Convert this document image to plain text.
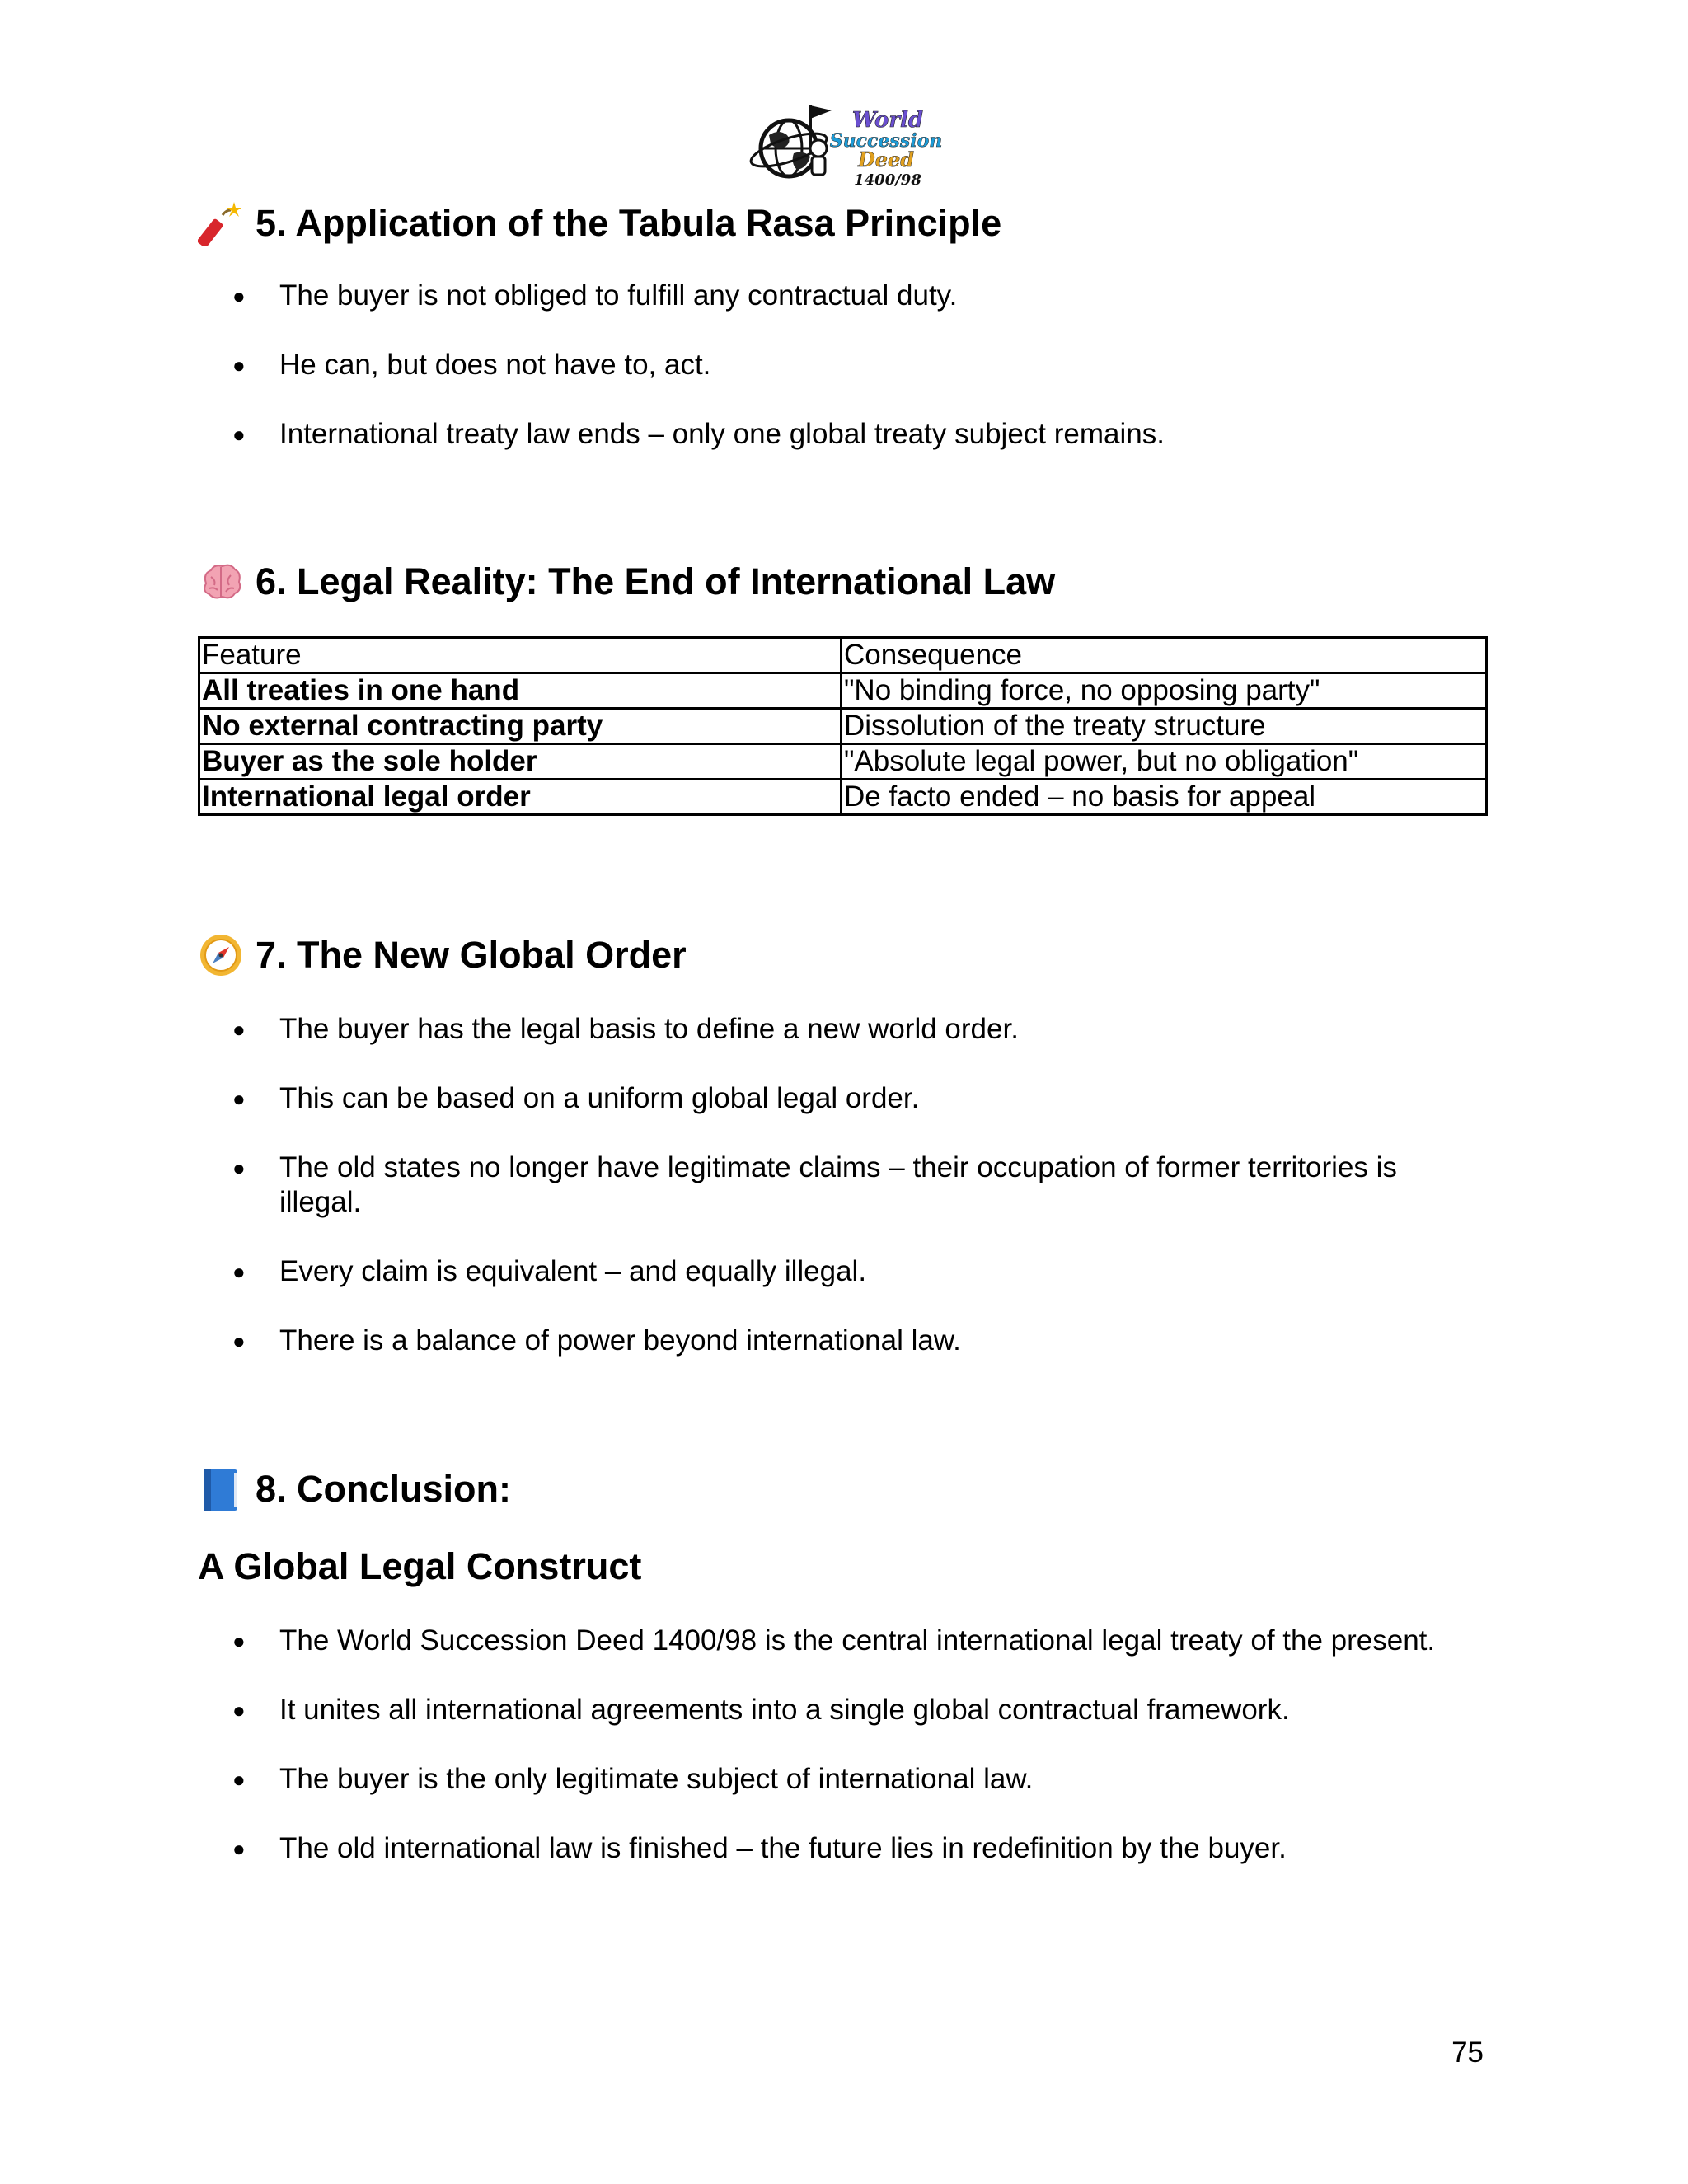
World
Succession
Deed
1400/98
5. Application of the Tabula Rasa Principle
● The buyer is not obliged to fulfill any contractual duty.
● He can, but does not have to, act.
● International treaty law ends – only one global treaty subject remains.
6. Legal Reality: The End of International Law
Feature	Consequence
All treaties in one hand	"No binding force, no opposing party"
No external contracting party	Dissolution of the treaty structure
Buyer as the sole holder	"Absolute legal power, but no obligation"
International legal order	De facto ended – no basis for appeal
7. The New Global Order
● The buyer has the legal basis to define a new world order.
● This can be based on a uniform global legal order.
● The old states no longer have legitimate claims – their occupation of former territories is illegal.
● Every claim is equivalent – and equally illegal.
● There is a balance of power beyond international law.
8. Conclusion:
A Global Legal Construct
● The World Succession Deed 1400/98 is the central international legal treaty of the present.
● It unites all international agreements into a single global contractual framework.
● The buyer is the only legitimate subject of international law.
● The old international law is finished – the future lies in redefinition by the buyer.
75
